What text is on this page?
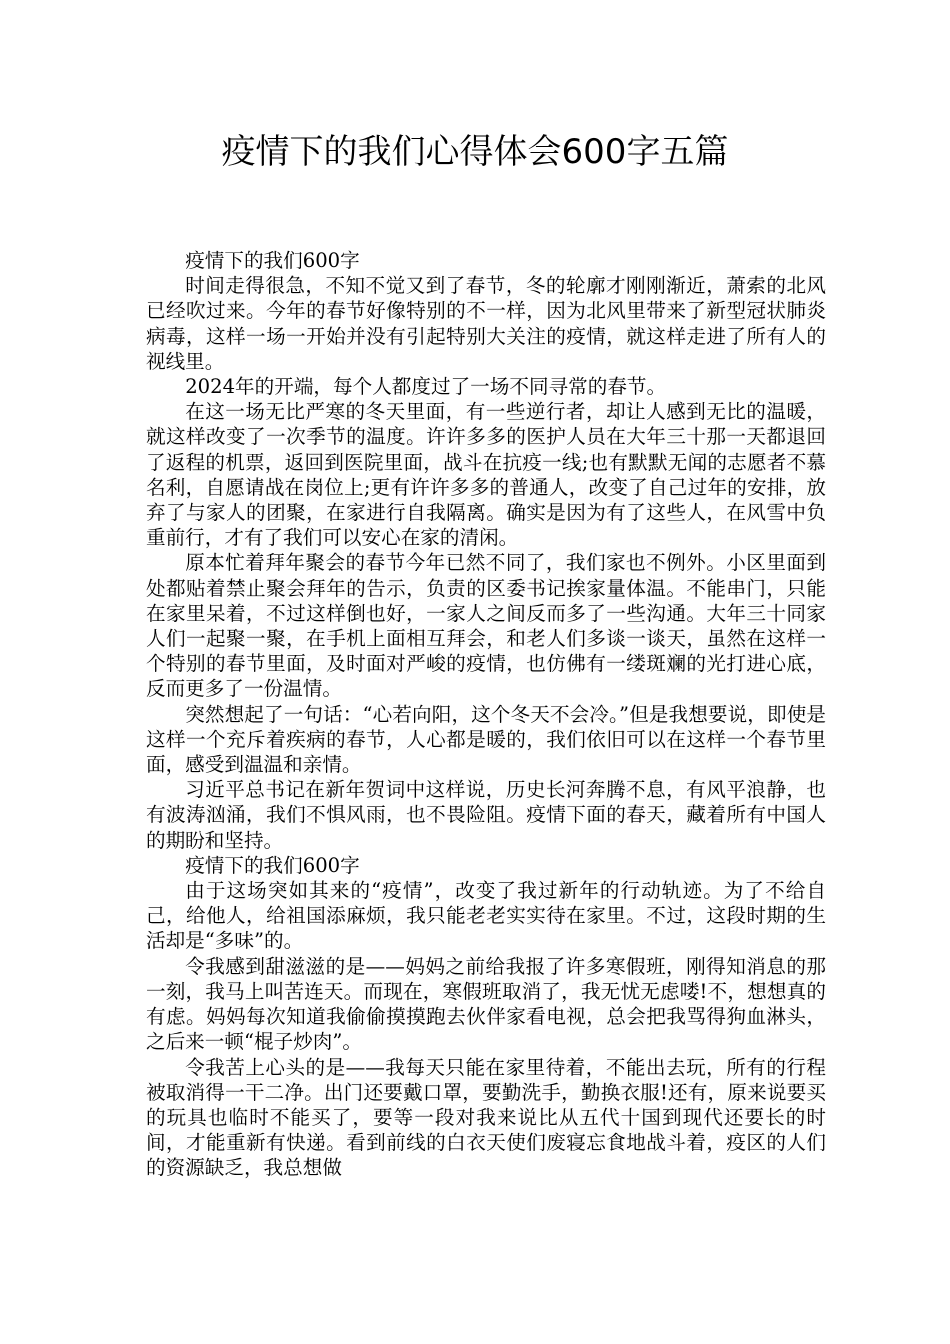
疫情下的我们心得体会600字五篇

疫情下的我们600字

时间走得很急，不知不觉又到了春节，冬的轮廓才刚刚渐近，萧索的北风已经吹过来。今年的春节好像特别的不一样，因为北风里带来了新型冠状肺炎病毒，这样一场一开始并没有引起特别大关注的疫情，就这样走进了所有人的视线里。

2024年的开端，每个人都度过了一场不同寻常的春节。

在这一场无比严寒的冬天里面，有一些逆行者，却让人感到无比的温暖，就这样改变了一次季节的温度。许许多多的医护人员在大年三十那一天都退回了返程的机票，返回到医院里面，战斗在抗疫一线;也有默默无闻的志愿者不慕名利，自愿请战在岗位上;更有许许多多的普通人，改变了自己过年的安排，放弃了与家人的团聚，在家进行自我隔离。确实是因为有了这些人，在风雪中负重前行，才有了我们可以安心在家的清闲。

原本忙着拜年聚会的春节今年已然不同了，我们家也不例外。小区里面到处都贴着禁止聚会拜年的告示，负责的区委书记挨家量体温。不能串门，只能在家里呆着，不过这样倒也好，一家人之间反而多了一些沟通。大年三十同家人们一起聚一聚，在手机上面相互拜会，和老人们多谈一谈天，虽然在这样一个特别的春节里面，及时面对严峻的疫情，也仿佛有一缕斑斓的光打进心底，反而更多了一份温情。

突然想起了一句话：“心若向阳，这个冬天不会冷。”但是我想要说，即使是这样一个充斥着疾病的春节，人心都是暖的，我们依旧可以在这样一个春节里面，感受到温温和亲情。

习近平总书记在新年贺词中这样说，历史长河奔腾不息，有风平浪静，也有波涛汹涌，我们不惧风雨，也不畏险阻。疫情下面的春天，藏着所有中国人的期盼和坚持。

疫情下的我们600字

由于这场突如其来的“疫情”，改变了我过新年的行动轨迹。为了不给自己，给他人，给祖国添麻烦，我只能老老实实待在家里。不过，这段时期的生活却是“多味”的。

令我感到甜滋滋的是——妈妈之前给我报了许多寒假班，刚得知消息的那一刻，我马上叫苦连天。而现在，寒假班取消了，我无忧无虑喽!不，想想真的有虑。妈妈每次知道我偷偷摸摸跑去伙伴家看电视，总会把我骂得狗血淋头，之后来一顿“棍子炒肉”。

令我苦上心头的是——我每天只能在家里待着，不能出去玩，所有的行程被取消得一干二净。出门还要戴口罩，要勤洗手，勤换衣服!还有，原来说要买的玩具也临时不能买了，要等一段对我来说比从五代十国到现代还要长的时间，才能重新有快递。看到前线的白衣天使们废寝忘食地战斗着，疫区的人们的资源缺乏，我总想做
